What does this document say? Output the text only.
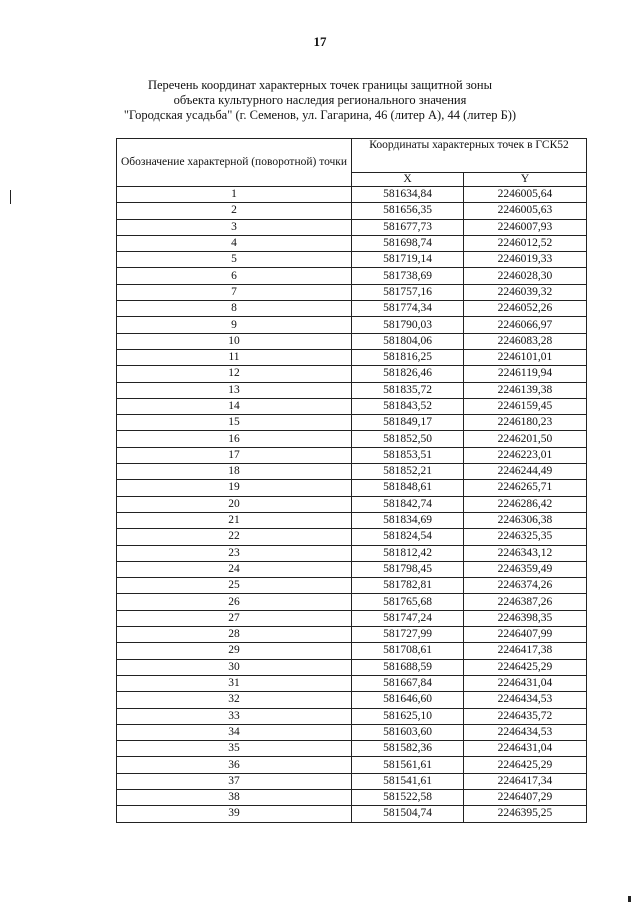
17
Перечень координат характерных точек границы защитной зоны
объекта культурного наследия регионального значения
"Городская усадьба" (г. Семенов, ул. Гагарина, 46 (литер А), 44 (литер Б))
Обозначение характерной (поворотной) точки	Координаты характерных точек в ГСК52	
	X	Y
1	581634,84	2246005,64
2	581656,35	2246005,63
3	581677,73	2246007,93
4	581698,74	2246012,52
5	581719,14	2246019,33
6	581738,69	2246028,30
7	581757,16	2246039,32
8	581774,34	2246052,26
9	581790,03	2246066,97
10	581804,06	2246083,28
11	581816,25	2246101,01
12	581826,46	2246119,94
13	581835,72	2246139,38
14	581843,52	2246159,45
15	581849,17	2246180,23
16	581852,50	2246201,50
17	581853,51	2246223,01
18	581852,21	2246244,49
19	581848,61	2246265,71
20	581842,74	2246286,42
21	581834,69	2246306,38
22	581824,54	2246325,35
23	581812,42	2246343,12
24	581798,45	2246359,49
25	581782,81	2246374,26
26	581765,68	2246387,26
27	581747,24	2246398,35
28	581727,99	2246407,99
29	581708,61	2246417,38
30	581688,59	2246425,29
31	581667,84	2246431,04
32	581646,60	2246434,53
33	581625,10	2246435,72
34	581603,60	2246434,53
35	581582,36	2246431,04
36	581561,61	2246425,29
37	581541,61	2246417,34
38	581522,58	2246407,29
39	581504,74	2246395,25
